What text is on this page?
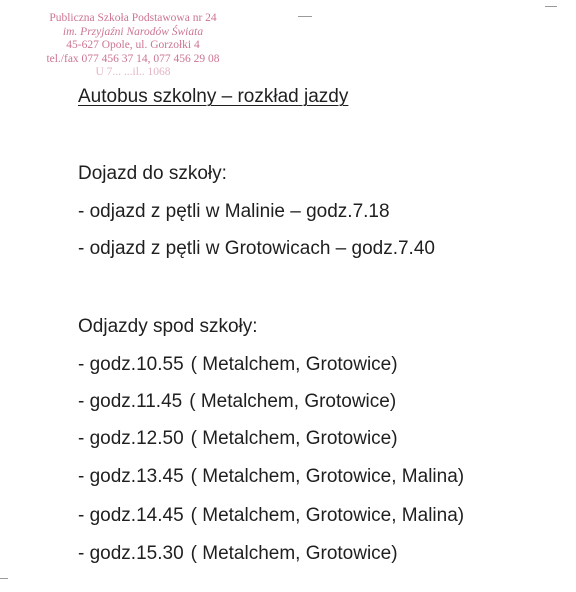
Publiczna Szkoła Podstawowa nr 24
im. Przyjaźni Narodów Świata
45-627 Opole, ul. Gorzołki 4
tel./fax 077 456 37 14, 077 456 29 08
U 7... ...il.. 1068
Autobus szkolny – rozkład jazdy
Dojazd do szkoły:
- odjazd z pętli w Malinie – godz.7.18
- odjazd z pętli w Grotowicach – godz.7.40
Odjazdy spod szkoły:
- godz.10.55 ( Metalchem, Grotowice)
- godz.11.45 ( Metalchem, Grotowice)
- godz.12.50 ( Metalchem, Grotowice)
- godz.13.45 ( Metalchem, Grotowice, Malina)
- godz.14.45 ( Metalchem, Grotowice, Malina)
- godz.15.30 ( Metalchem, Grotowice)
